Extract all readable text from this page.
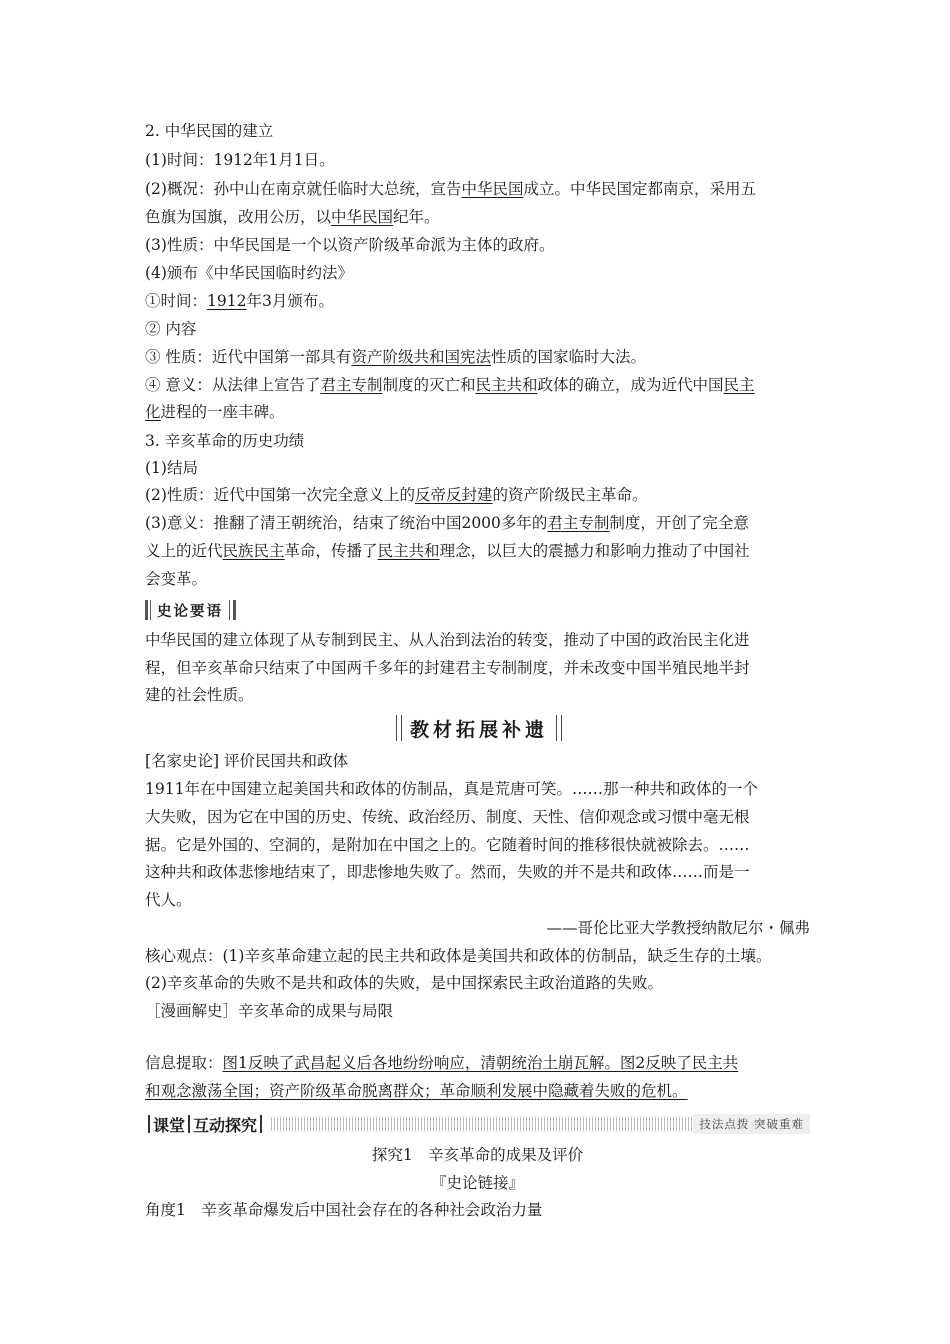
2. 中华民国的建立
(1)时间：1912年1月1日。
(2)概况：孙中山在南京就任临时大总统，宣告中华民国成立。中华民国定都南京，采用五
色旗为国旗，改用公历，以中华民国纪年。
(3)性质：中华民国是一个以资产阶级革命派为主体的政府。
(4)颁布《中华民国临时约法》
①时间：1912年3月颁布。
② 内容
③ 性质：近代中国第一部具有资产阶级共和国宪法性质的国家临时大法。
④ 意义：从法律上宣告了君主专制制度的灭亡和民主共和政体的确立，成为近代中国民主
化进程的一座丰碑。
3. 辛亥革命的历史功绩
(1)结局
(2)性质：近代中国第一次完全意义上的反帝反封建的资产阶级民主革命。
(3)意义：推翻了清王朝统治，结束了统治中国2000多年的君主专制制度，开创了完全意
义上的近代民族民主革命，传播了民主共和理念，以巨大的震撼力和影响力推动了中国社
会变革。
史论要语
中华民国的建立体现了从专制到民主、从人治到法治的转变，推动了中国的政治民主化进
程，但辛亥革命只结束了中国两千多年的封建君主专制制度，并未改变中国半殖民地半封
建的社会性质。
教材拓展补遗
[名家史论] 评价民国共和政体
1911年在中国建立起美国共和政体的仿制品，真是荒唐可笑。……那一种共和政体的一个
大失败，因为它在中国的历史、传统、政治经历、制度、天性、信仰观念或习惯中毫无根
据。它是外国的、空洞的，是附加在中国之上的。它随着时间的推移很快就被除去。……
这种共和政体悲惨地结束了，即悲惨地失败了。然而，失败的并不是共和政体……而是一
代人。
——哥伦比亚大学教授纳散尼尔・佩弗
核心观点：(1)辛亥革命建立起的民主共和政体是美国共和政体的仿制品，缺乏生存的土壤。
(2)辛亥革命的失败不是共和政体的失败，是中国探索民主政治道路的失败。
［漫画解史］辛亥革命的成果与局限
信息提取：图1反映了武昌起义后各地纷纷响应，清朝统治土崩瓦解。图2反映了民主共
和观念激荡全国；资产阶级革命脱离群众；革命顺利发展中隐藏着失败的危机。
课堂 互动探究	技法点拨 突破重难
探究1　辛亥革命的成果及评价
『史论链接』
角度1　辛亥革命爆发后中国社会存在的各种社会政治力量
